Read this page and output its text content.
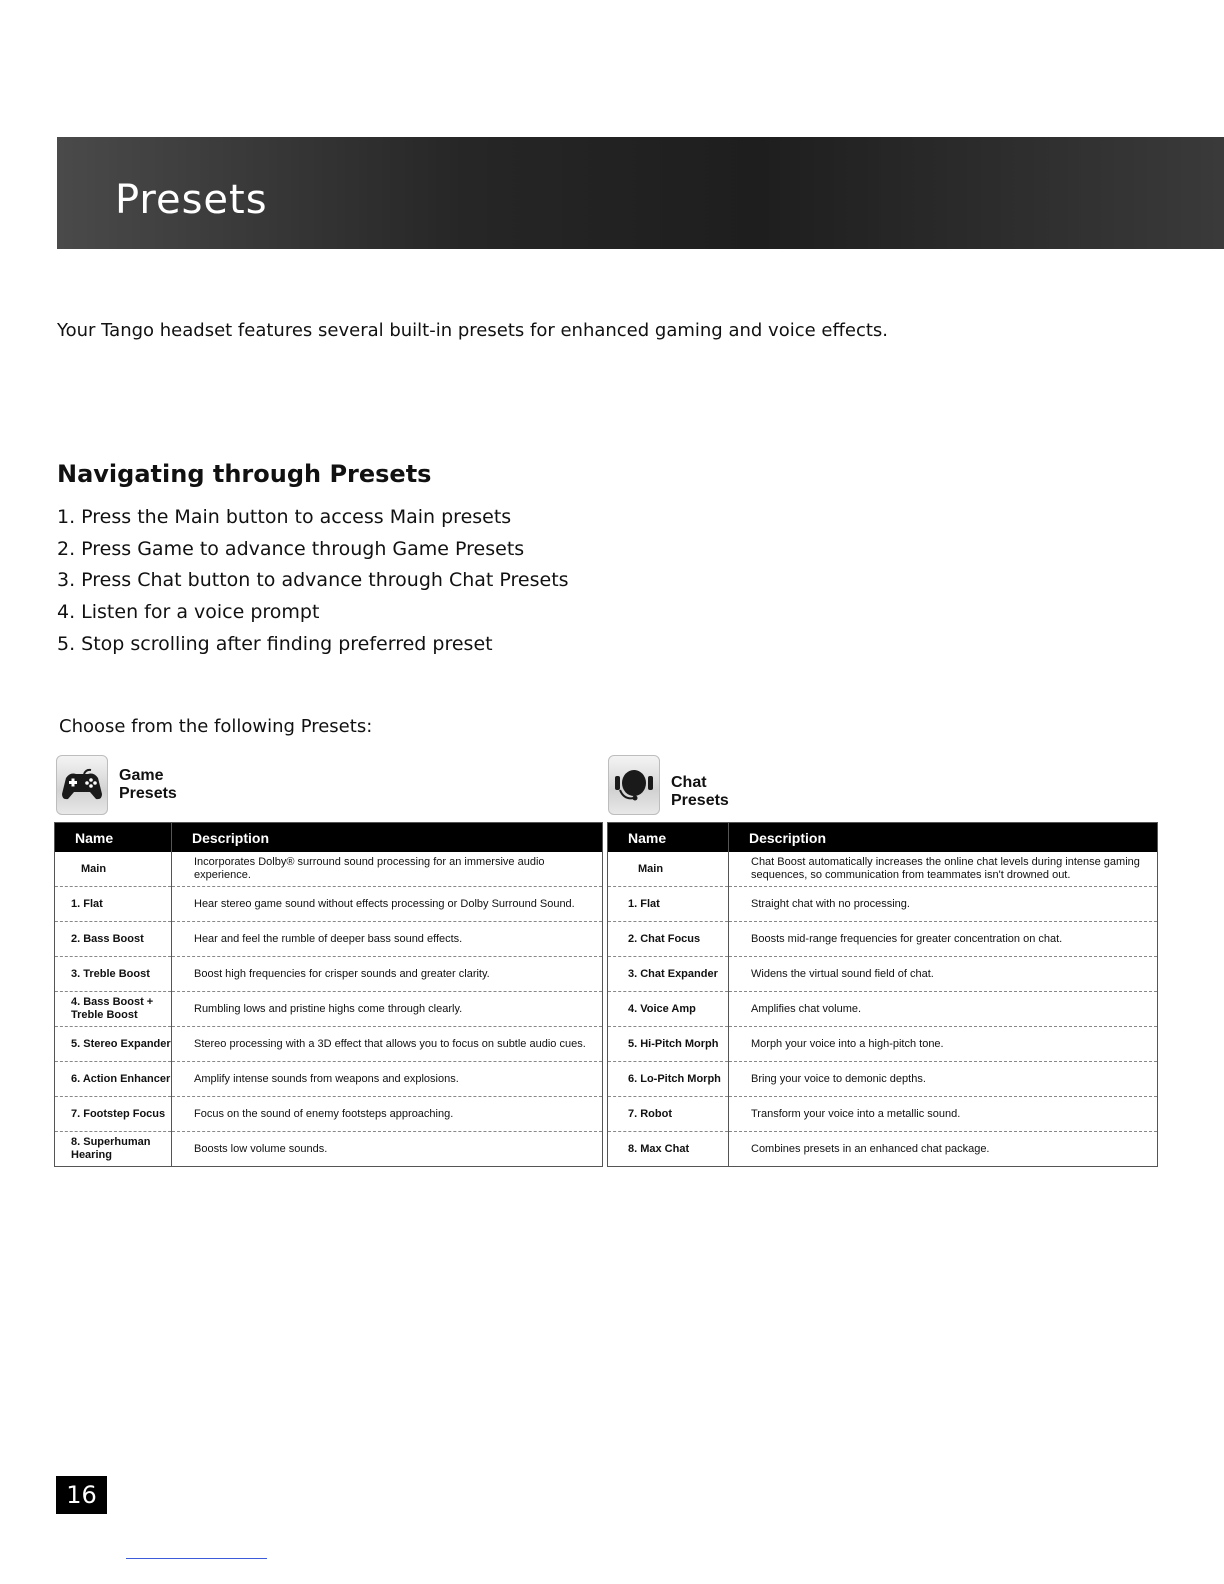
Presets
Your Tango headset features several built-in presets for enhanced gaming and voice effects.
Navigating through Presets
1. Press the Main button to access Main presets
2. Press Game to advance through Game Presets
3. Press Chat button to advance through Chat Presets
4. Listen for a voice prompt
5. Stop scrolling after finding preferred preset
Choose from the following Presets:
Game
Presets
Chat
Presets
Name	Description
Main	Incorporates Dolby® surround sound processing for an immersive audio experience.
1. Flat	Hear stereo game sound without effects processing or Dolby Surround Sound.
2. Bass Boost	Hear and feel the rumble of deeper bass sound effects.
3. Treble Boost	Boost high frequencies for crisper sounds and greater clarity.
4. Bass Boost + Treble Boost	Rumbling lows and pristine highs come through clearly.
5. Stereo Expander	Stereo processing with a 3D effect that allows you to focus on subtle audio cues.
6. Action Enhancer	Amplify intense sounds from weapons and explosions.
7. Footstep Focus	Focus on the sound of enemy footsteps approaching.
8. Superhuman Hearing	Boosts low volume sounds.
Name	Description
Main	Chat Boost automatically increases the online chat levels during intense gaming sequences, so communication from teammates isn't drowned out.
1. Flat	Straight chat with no processing.
2. Chat Focus	Boosts mid-range frequencies for greater concentration on chat.
3. Chat Expander	Widens the virtual sound field of chat.
4. Voice Amp	Amplifies chat volume.
5. Hi-Pitch Morph	Morph your voice into a high-pitch tone.
6. Lo-Pitch Morph	Bring your voice to demonic depths.
7. Robot	Transform your voice into a metallic sound.
8. Max Chat	Combines presets in an enhanced chat package.
16
